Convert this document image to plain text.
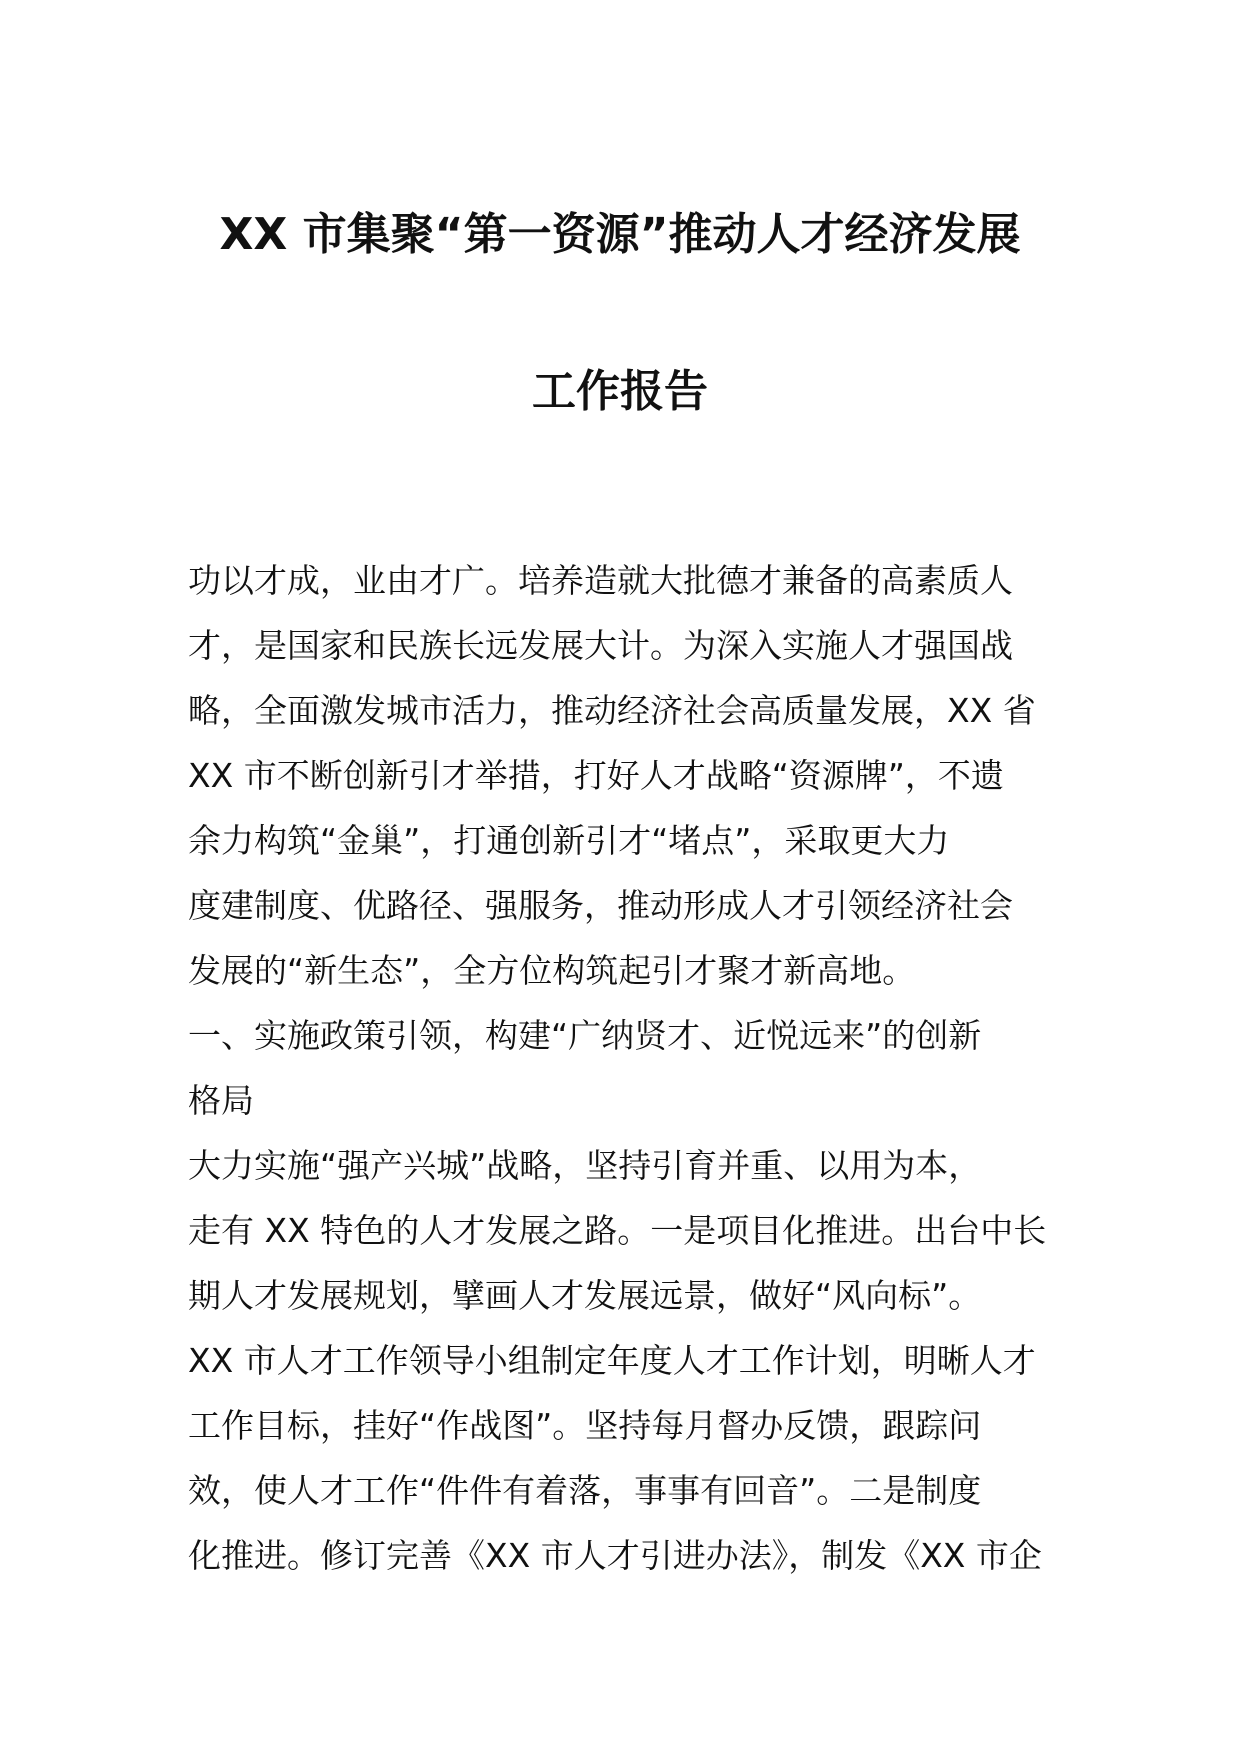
XX 市集聚“第一资源”推动人才经济发展
工作报告
功以才成，业由才广。培养造就大批德才兼备的高素质人
才，是国家和民族长远发展大计。为深入实施人才强国战
略，全面激发城市活力，推动经济社会高质量发展，XX 省
XX 市不断创新引才举措，打好人才战略“资源牌”，不遗
余力构筑“金巢”，打通创新引才“堵点”，采取更大力
度建制度、优路径、强服务，推动形成人才引领经济社会
发展的“新生态”，全方位构筑起引才聚才新高地。
一、实施政策引领，构建“广纳贤才、近悦远来”的创新
格局
大力实施“强产兴城”战略，坚持引育并重、以用为本，
走有 XX 特色的人才发展之路。一是项目化推进。出台中长
期人才发展规划，擘画人才发展远景，做好“风向标”。
XX 市人才工作领导小组制定年度人才工作计划，明晰人才
工作目标，挂好“作战图”。坚持每月督办反馈，跟踪问
效，使人才工作“件件有着落，事事有回音”。二是制度
化推进。修订完善《XX 市人才引进办法》，制发《XX 市企
